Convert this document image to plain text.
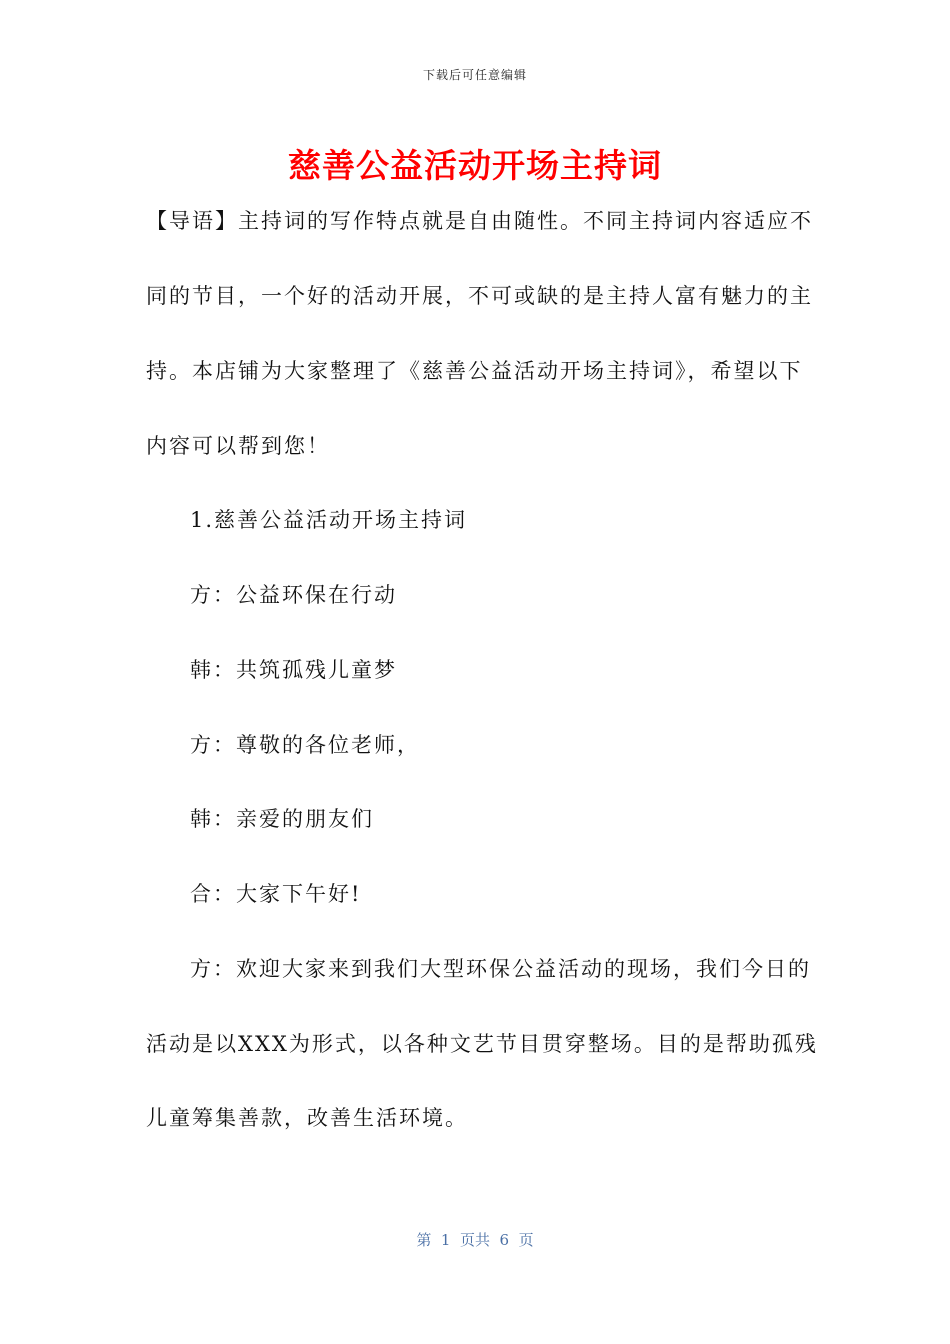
下载后可任意编辑
慈善公益活动开场主持词
【导语】主持词的写作特点就是自由随性。不同主持词内容适应不
同的节目，一个好的活动开展，不可或缺的是主持人富有魅力的主
持。本店铺为大家整理了《慈善公益活动开场主持词》，希望以下
内容可以帮到您！
1.慈善公益活动开场主持词
方：公益环保在行动
韩：共筑孤残儿童梦
方：尊敬的各位老师，
韩：亲爱的朋友们
合：大家下午好!
方：欢迎大家来到我们大型环保公益活动的现场，我们今日的
活动是以XXX为形式，以各种文艺节目贯穿整场。目的是帮助孤残
儿童筹集善款，改善生活环境。
第  1  页共  6  页
